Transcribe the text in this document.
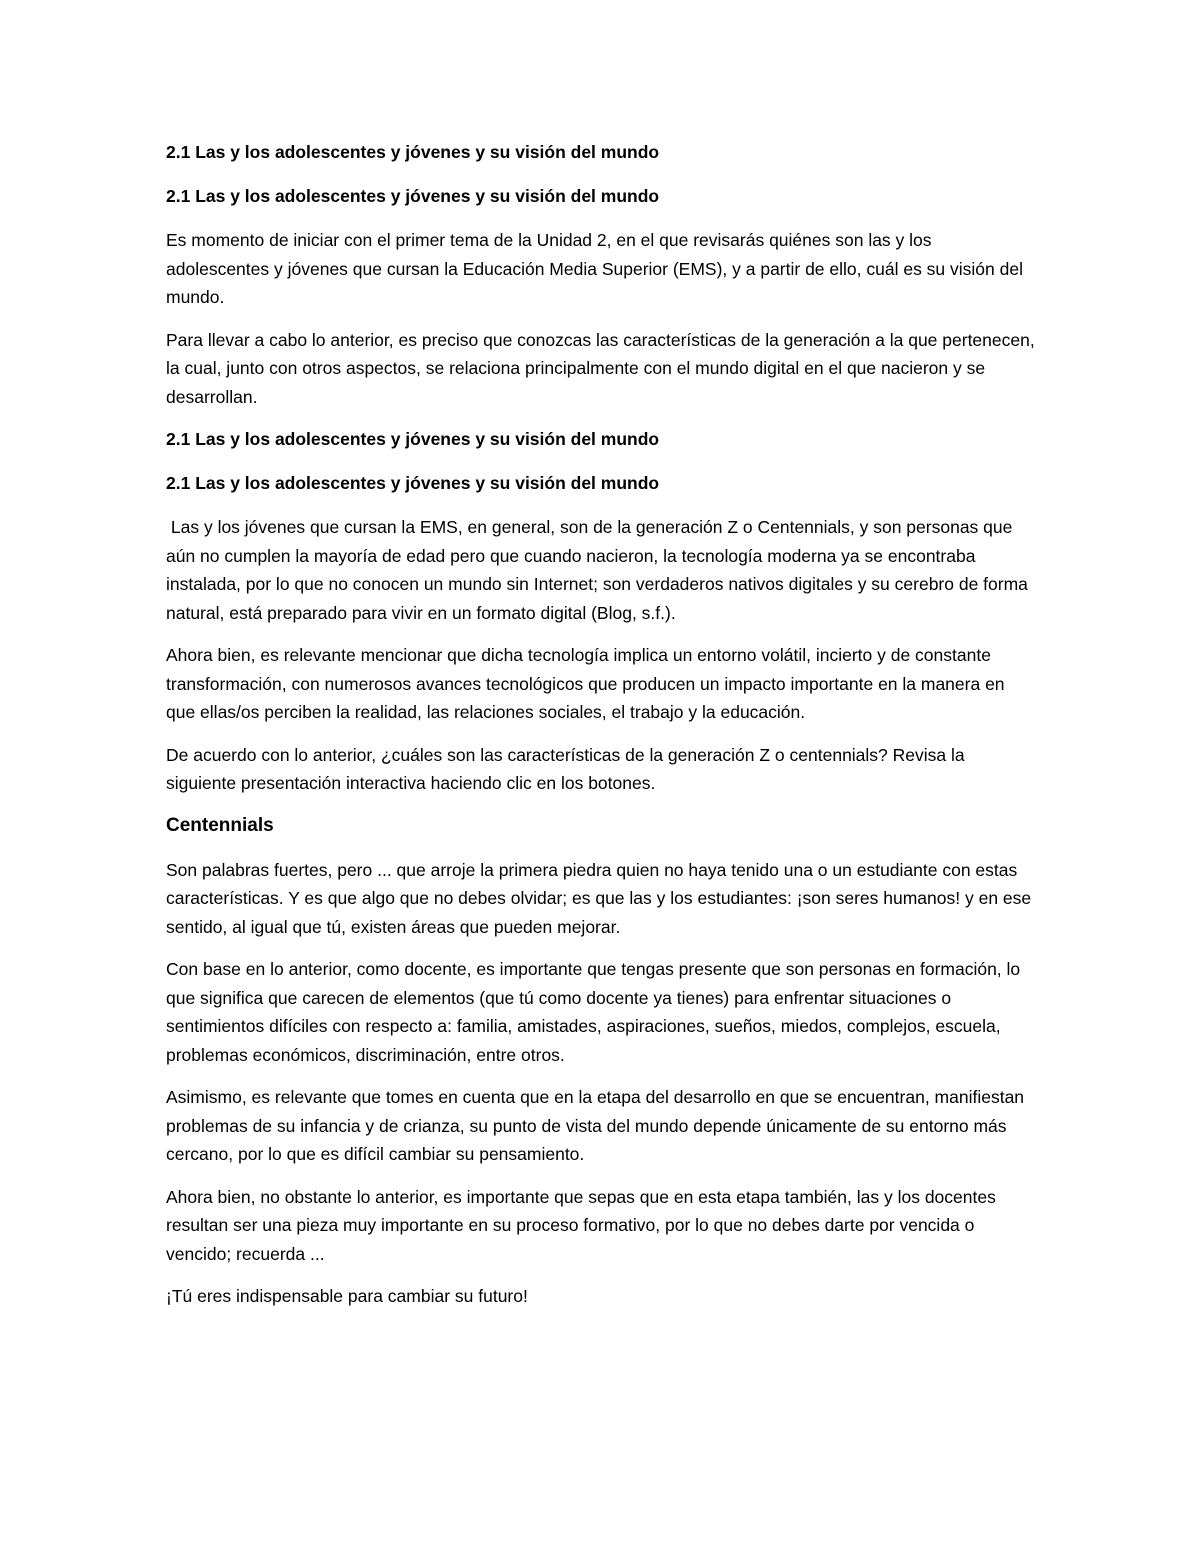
2.1 Las y los adolescentes y jóvenes y su visión del mundo
2.1 Las y los adolescentes y jóvenes y su visión del mundo
Es momento de iniciar con el primer tema de la Unidad 2, en el que revisarás quiénes son las y los adolescentes y jóvenes que cursan la Educación Media Superior (EMS), y a partir de ello, cuál es su visión del mundo.
Para llevar a cabo lo anterior, es preciso que conozcas las características de la generación a la que pertenecen, la cual, junto con otros aspectos, se relaciona principalmente con el mundo digital en el que nacieron y se desarrollan.
2.1 Las y los adolescentes y jóvenes y su visión del mundo
2.1 Las y los adolescentes y jóvenes y su visión del mundo
Las y los jóvenes que cursan la EMS, en general, son de la generación Z o Centennials, y son personas que aún no cumplen la mayoría de edad pero que cuando nacieron, la tecnología moderna ya se encontraba instalada, por lo que no conocen un mundo sin Internet; son verdaderos nativos digitales y su cerebro de forma natural, está preparado para vivir en un formato digital (Blog, s.f.).
Ahora bien, es relevante mencionar que dicha tecnología implica un entorno volátil, incierto y de constante transformación, con numerosos avances tecnológicos que producen un impacto importante en la manera en que ellas/os perciben la realidad, las relaciones sociales, el trabajo y la educación.
De acuerdo con lo anterior, ¿cuáles son las características de la generación Z o centennials? Revisa la siguiente presentación interactiva haciendo clic en los botones.
Centennials
Son palabras fuertes, pero ... que arroje la primera piedra quien no haya tenido una o un estudiante con estas características. Y es que algo que no debes olvidar; es que las y los estudiantes: ¡son seres humanos! y en ese sentido, al igual que tú, existen áreas que pueden mejorar.
Con base en lo anterior, como docente, es importante que tengas presente que son personas en formación, lo que significa que carecen de elementos (que tú como docente ya tienes) para enfrentar situaciones o sentimientos difíciles con respecto a: familia, amistades, aspiraciones, sueños, miedos, complejos, escuela, problemas económicos, discriminación, entre otros.
Asimismo, es relevante que tomes en cuenta que en la etapa del desarrollo en que se encuentran, manifiestan problemas de su infancia y de crianza, su punto de vista del mundo depende únicamente de su entorno más cercano, por lo que es difícil cambiar su pensamiento.
Ahora bien, no obstante lo anterior, es importante que sepas que en esta etapa también, las y los docentes resultan ser una pieza muy importante en su proceso formativo, por lo que no debes darte por vencida o vencido; recuerda ...
¡Tú eres indispensable para cambiar su futuro!
